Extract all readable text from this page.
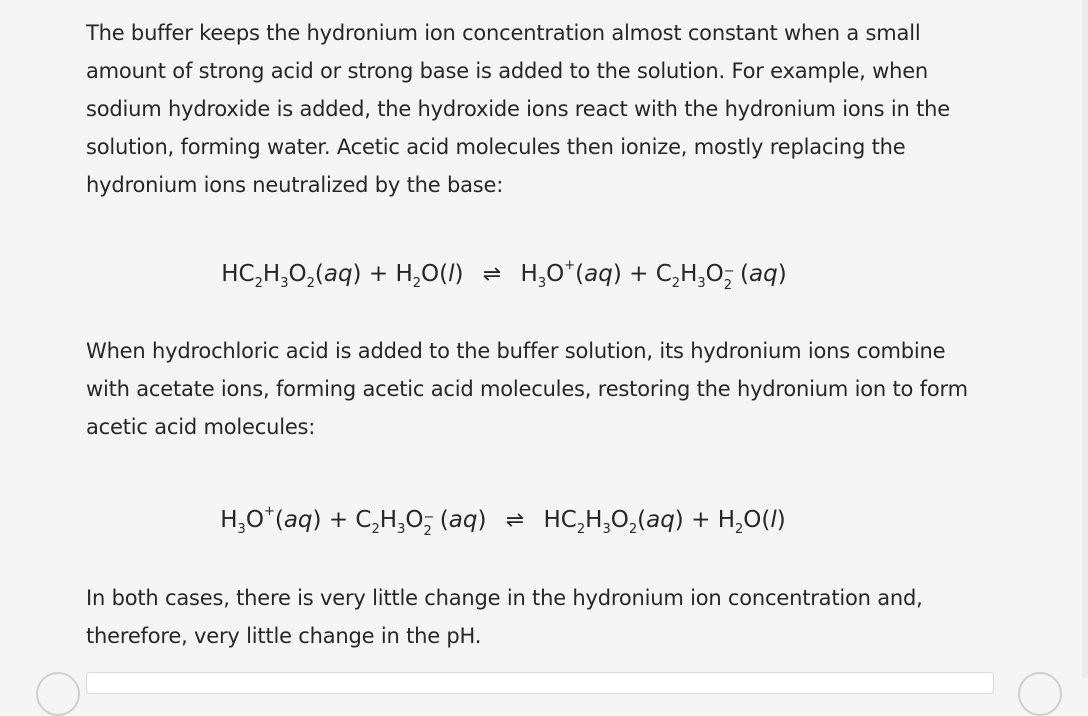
The buffer keeps the hydronium ion concentration almost constant when a small amount of strong acid or strong base is added to the solution. For example, when sodium hydroxide is added, the hydroxide ions react with the hydronium ions in the solution, forming water. Acetic acid molecules then ionize, mostly replacing the hydronium ions neutralized by the base:

$HC_2H_3O_2(aq) + H_2O(l)$ ⇌ $H_3O^+(aq) + C_2H_3O$ −
2 (aq)

When hydrochloric acid is added to the buffer solution, its hydronium ions combine with acetate ions, forming acetic acid molecules, restoring the hydronium ion to form acetic acid molecules:

$H_3O^+(aq) + C_2H_3O$ −
2 (aq) ⇌ $HC_2H_3O_2(aq) + H_2O(l)$

In both cases, there is very little change in the hydronium ion concentration and, therefore, very little change in the pH.
